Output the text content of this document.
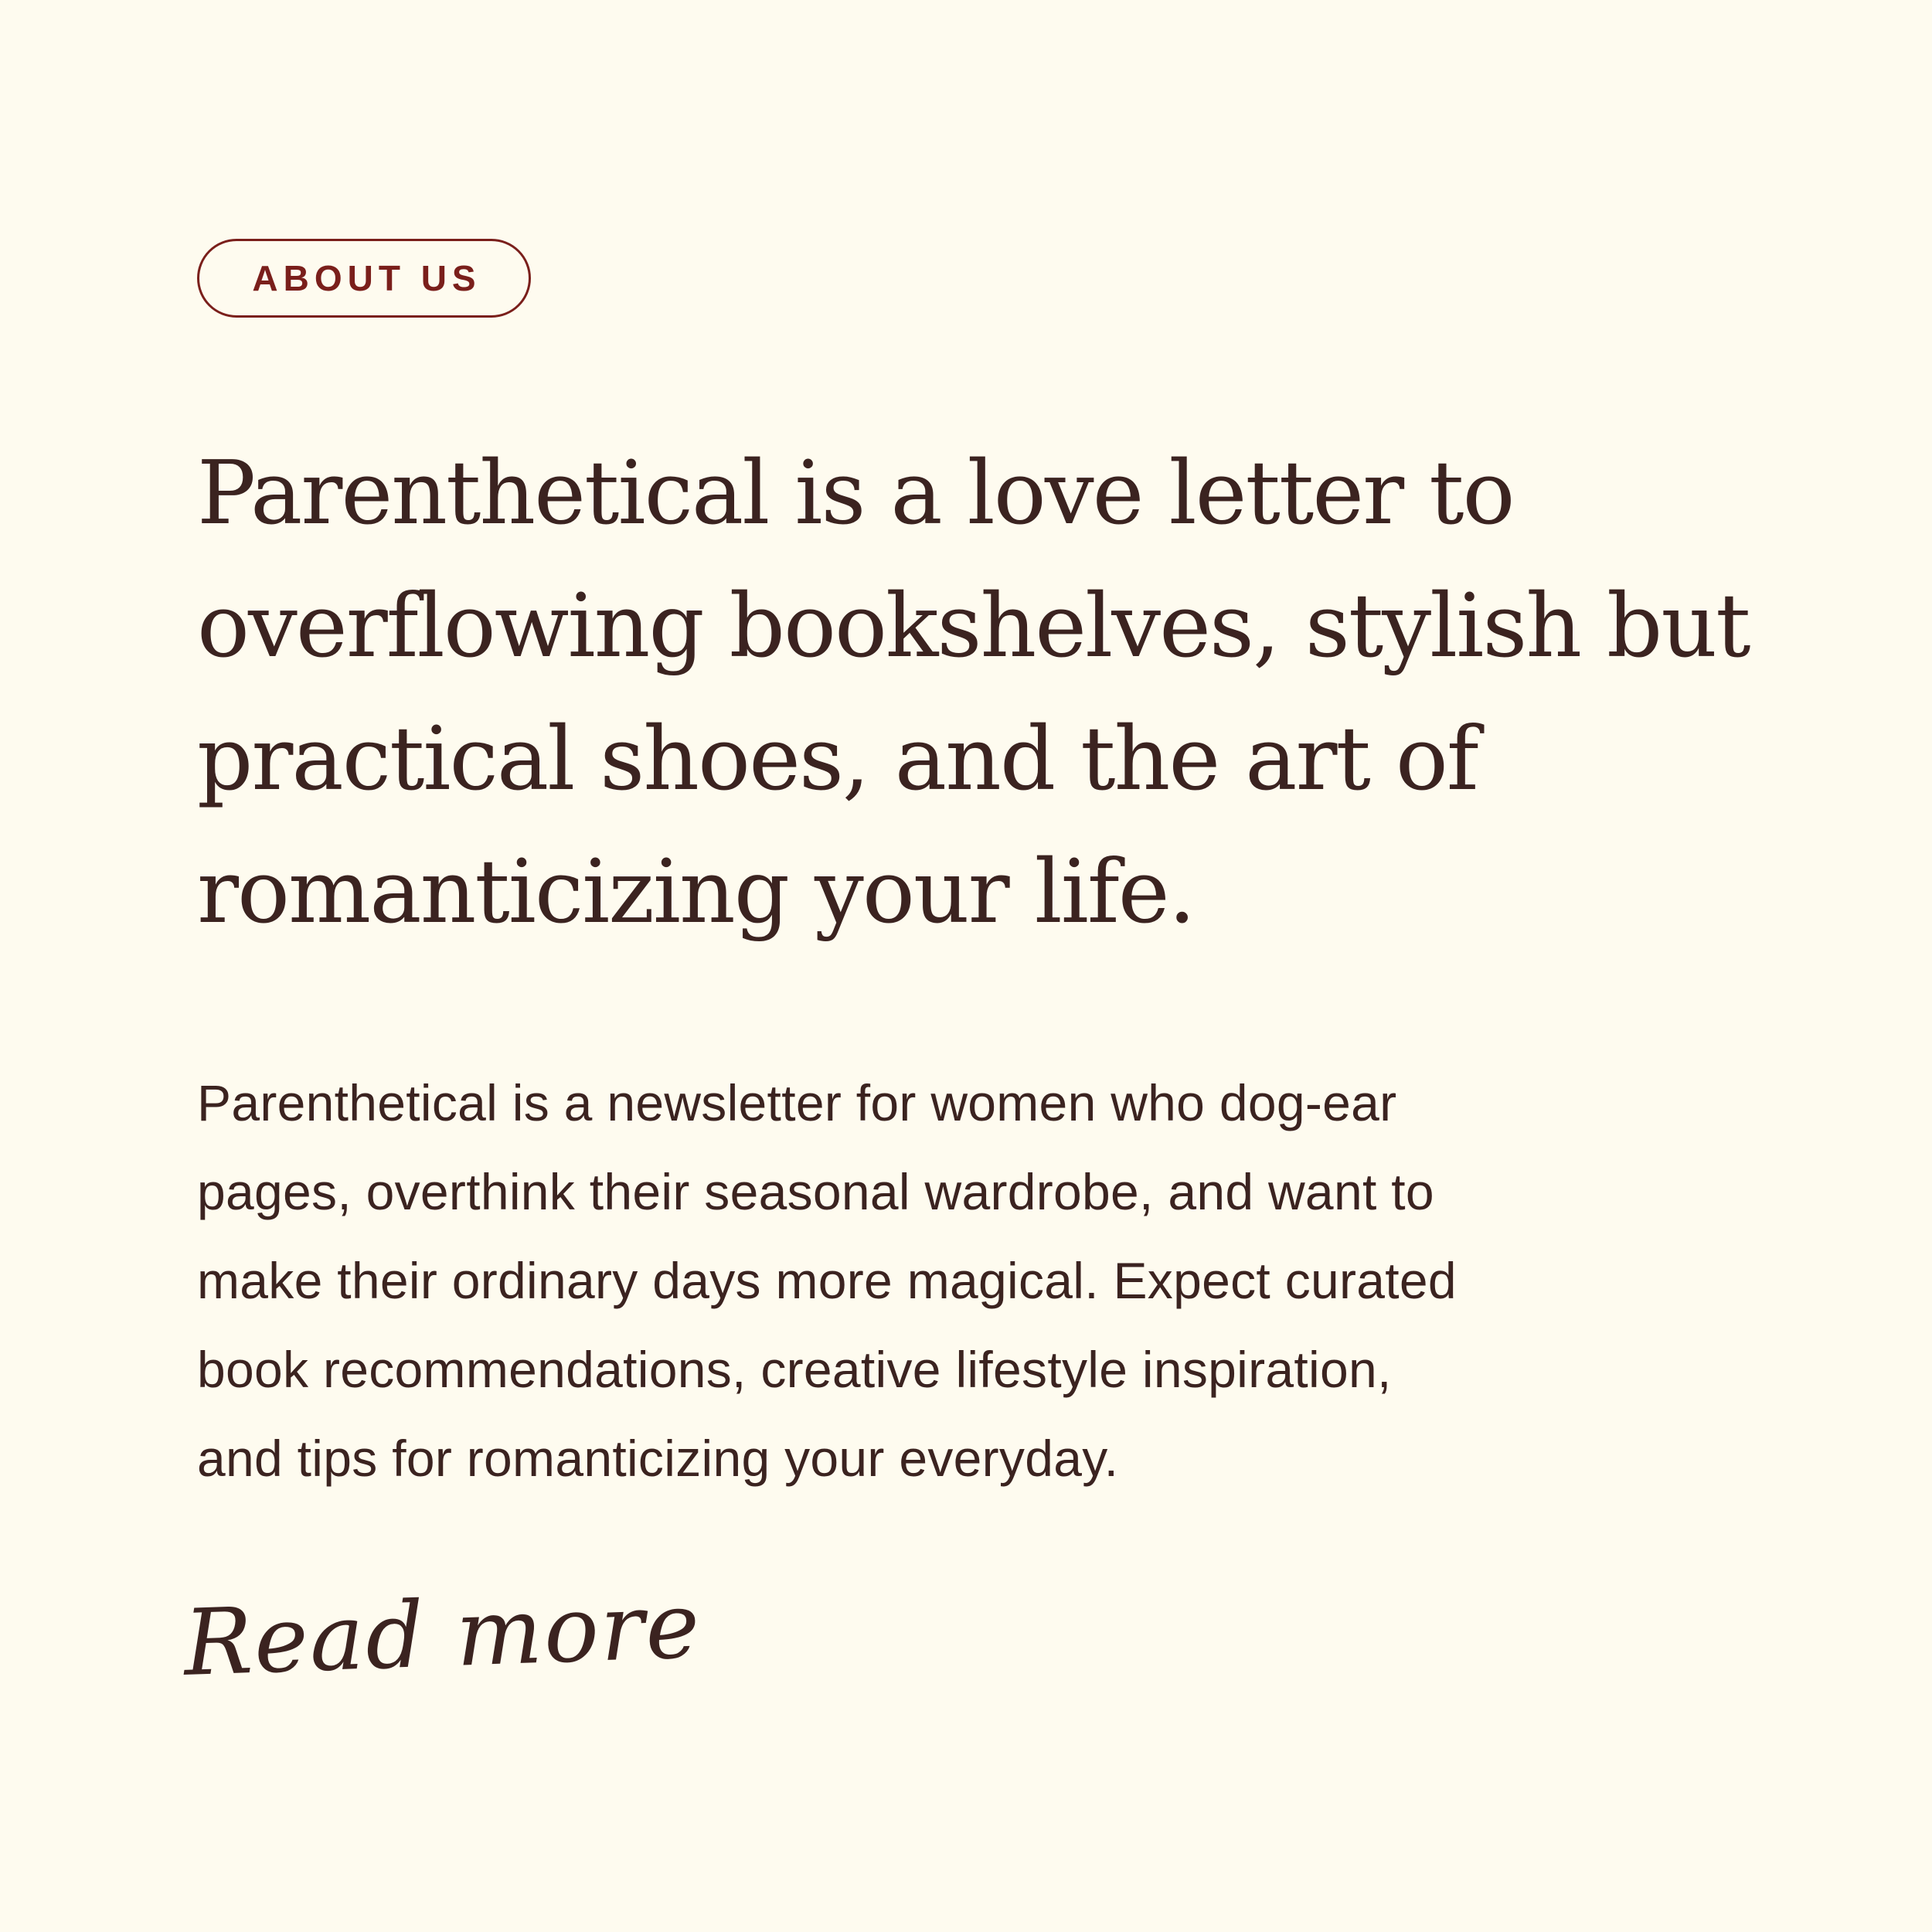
ABOUT US
Parenthetical is a love letter to
overflowing bookshelves, stylish but
practical shoes, and the art of
romanticizing your life.

Parenthetical is a newsletter for women who dog-ear
pages, overthink their seasonal wardrobe, and want to
make their ordinary days more magical. Expect curated
book recommendations, creative lifestyle inspiration,
and tips for romanticizing your everyday.

Read more
